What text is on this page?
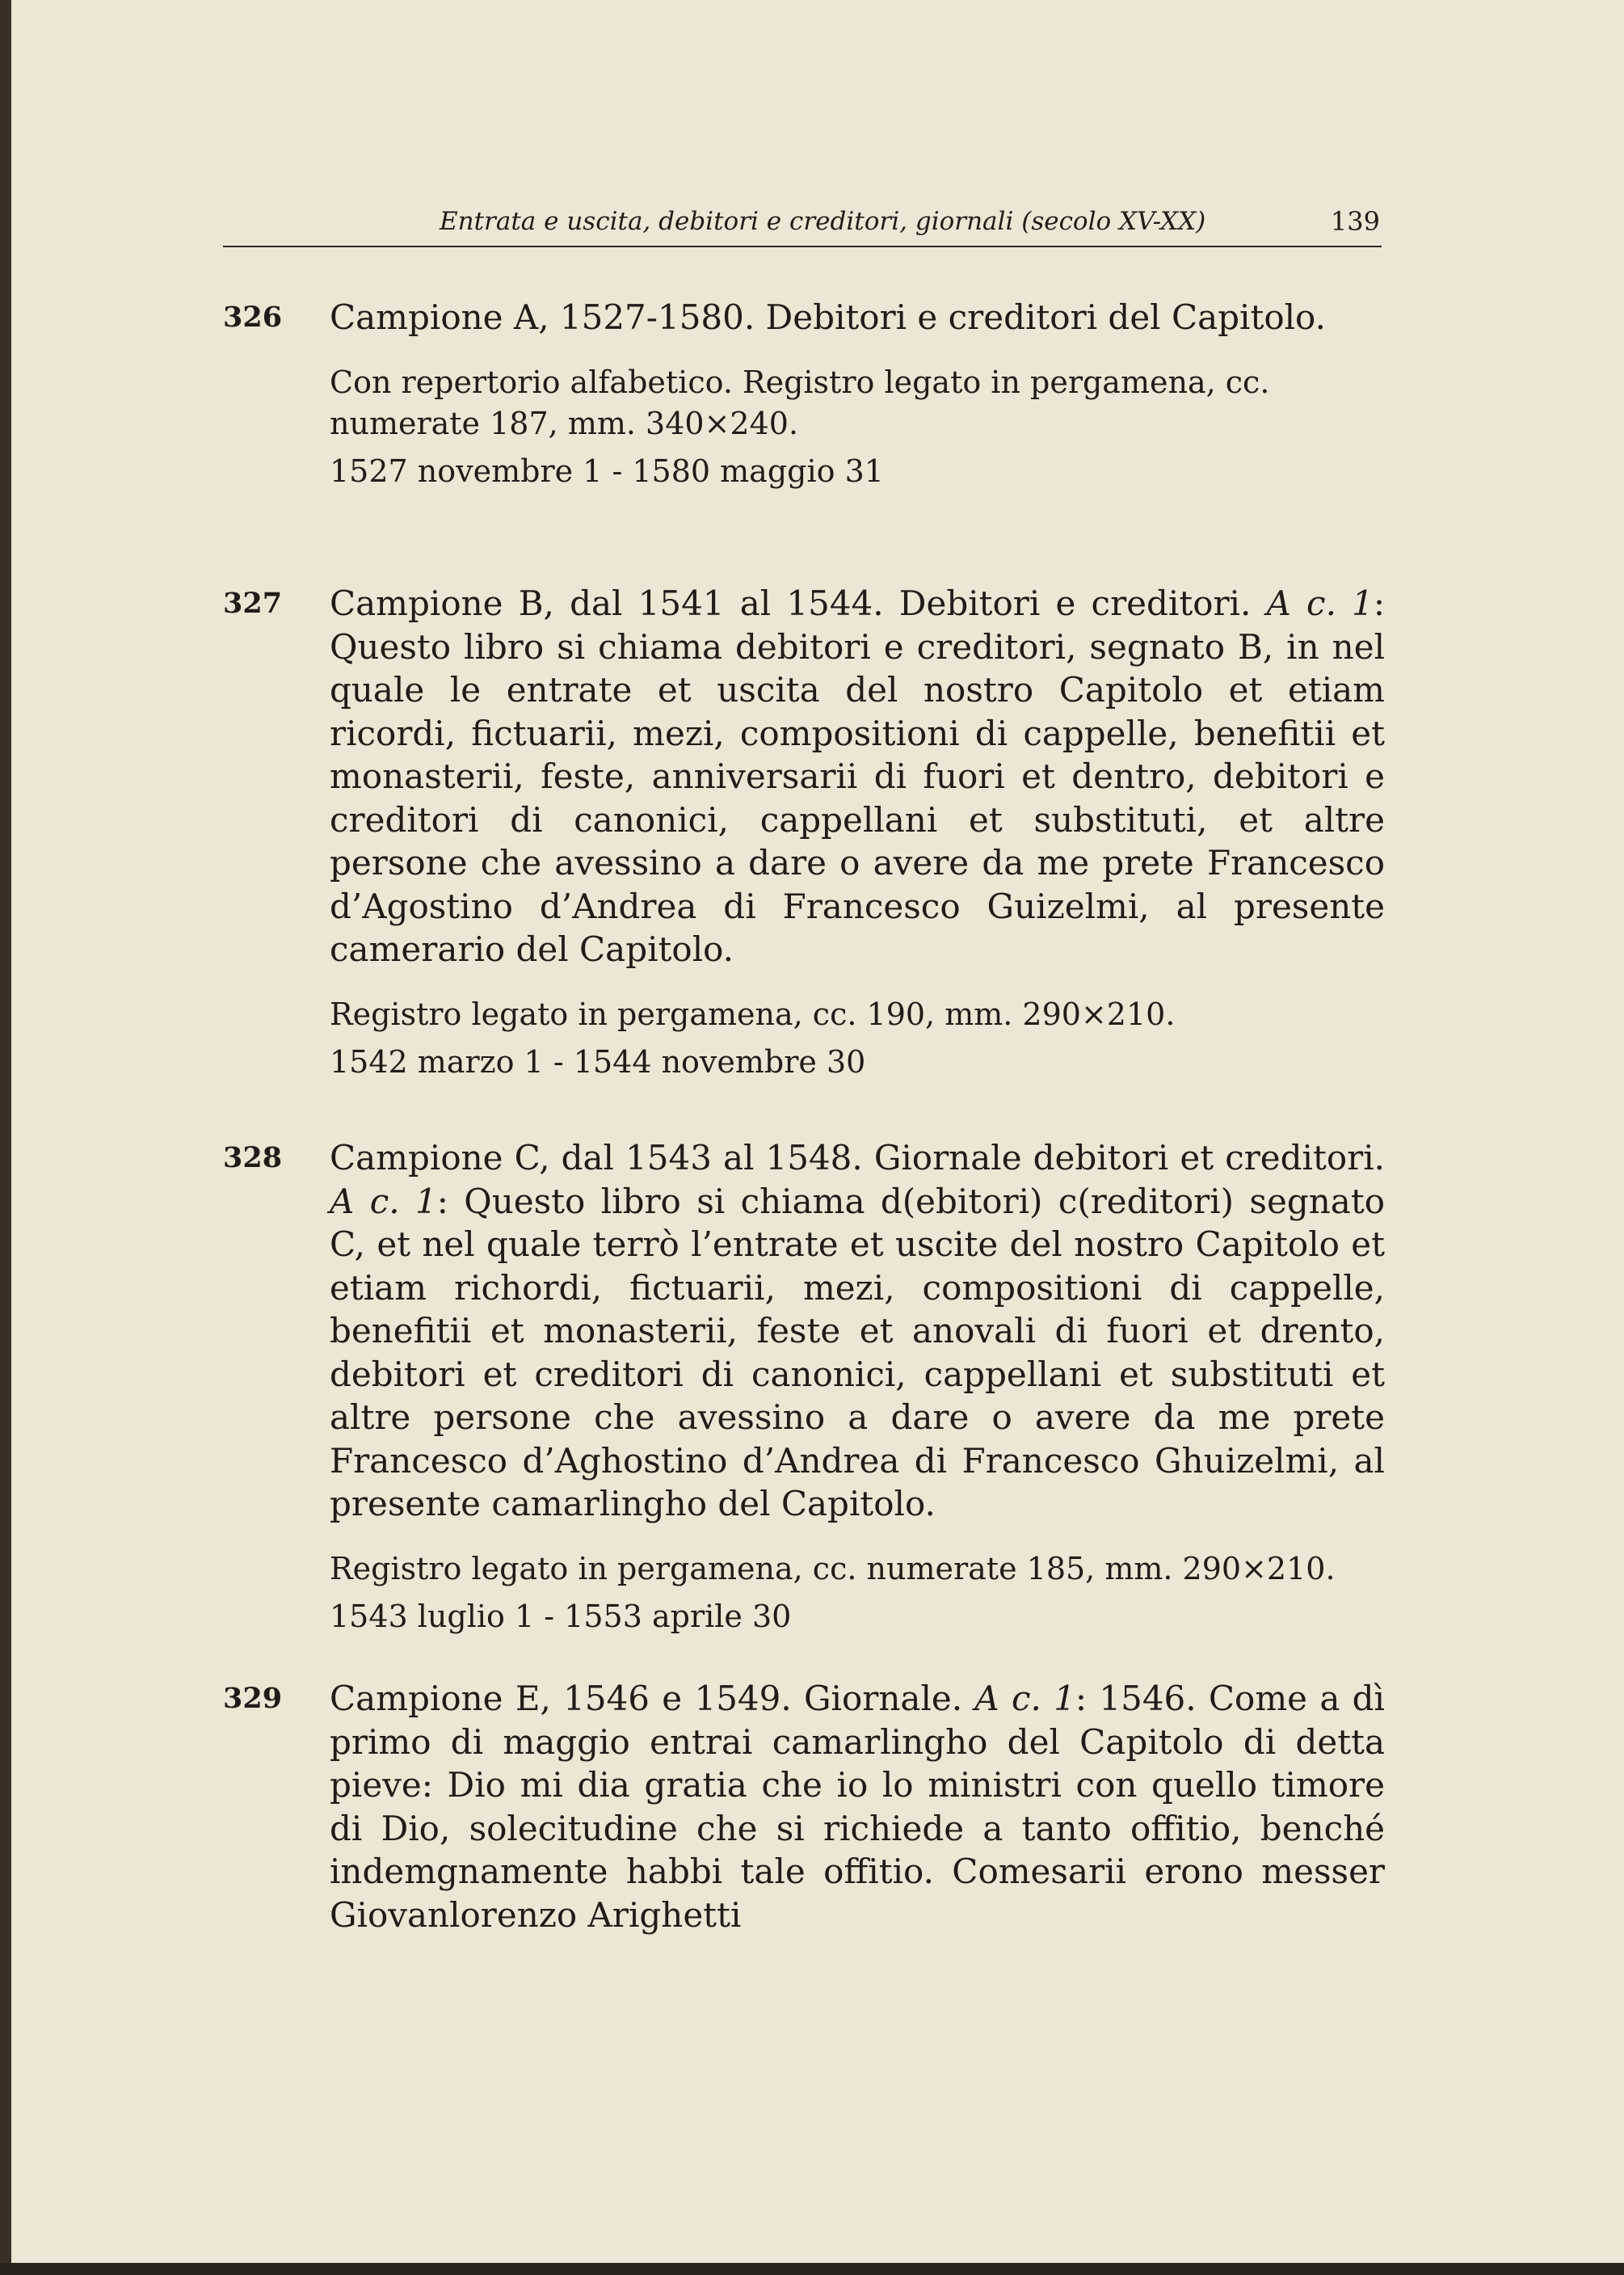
Entrata e uscita, debitori e creditori, giornali (secolo XV-XX)	139
326	Campione A, 1527-1580. Debitori e creditori del Capitolo.

Con repertorio alfabetico. Registro legato in pergamena, cc. numerate 187, mm. 340×240.

1527 novembre 1 - 1580 maggio 31

327	Campione B, dal 1541 al 1544. Debitori e creditori. A c. 1: Questo libro si chiama debitori e creditori, segnato B, in nel quale le entrate et uscita del nostro Capitolo et etiam ricordi, fictuarii, mezi, compositioni di cappelle, benefitii et monasterii, feste, anniversarii di fuori et dentro, debitori e creditori di canonici, cappellani et substituti, et altre persone che avessino a dare o avere da me prete Francesco d’Agostino d’Andrea di Francesco Guizelmi, al presente camerario del Capitolo.

Registro legato in pergamena, cc. 190, mm. 290×210.

1542 marzo 1 - 1544 novembre 30

328	Campione C, dal 1543 al 1548. Giornale debitori et creditori. A c. 1: Questo libro si chiama d(ebitori) c(reditori) segnato C, et nel quale terrò l’entrate et uscite del nostro Capitolo et etiam richordi, fictuarii, mezi, compositioni di cappelle, benefitii et monasterii, feste et anovali di fuori et drento, debitori et creditori di canonici, cappellani et substituti et altre persone che avessino a dare o avere da me prete Francesco d’Aghostino d’Andrea di Francesco Ghuizelmi, al presente camarlingho del Capitolo.

Registro legato in pergamena, cc. numerate 185, mm. 290×210.

1543 luglio 1 - 1553 aprile 30

329	Campione E, 1546 e 1549. Giornale. A c. 1: 1546. Come a dì primo di maggio entrai camarlingho del Capitolo di detta pieve: Dio mi dia gratia che io lo ministri con quello timore di Dio, solecitudine che si richiede a tanto offitio, benché indemgnamente habbi tale offitio. Comesarii erono messer Giovanlorenzo Arighetti
